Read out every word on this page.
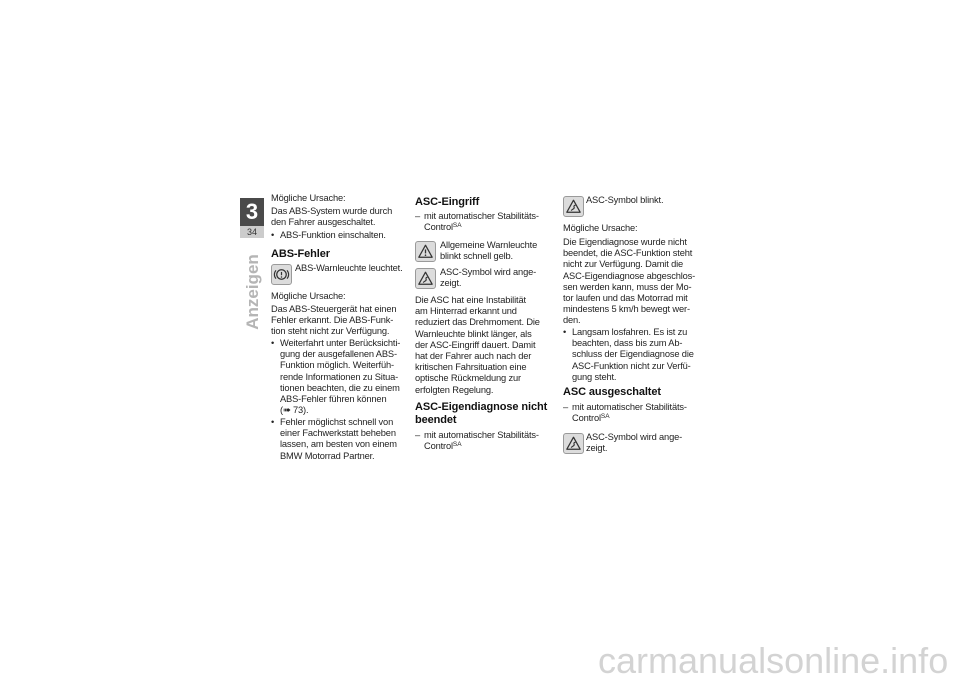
3
34
Anzeigen
Mögliche Ursache:
Das ABS-System wurde durch
den Fahrer ausgeschaltet.
• ABS-Funktion einschalten.
ABS-Fehler
ABS-Warnleuchte leuchtet.
Mögliche Ursache:
Das ABS-Steuergerät hat einen
Fehler erkannt. Die ABS-Funk-
tion steht nicht zur Verfügung.
• Weiterfahrt unter Berücksichti-
gung der ausgefallenen ABS-
Funktion möglich. Weiterfüh-
rende Informationen zu Situa-
tionen beachten, die zu einem
ABS-Fehler führen können
(➠ 73).
• Fehler möglichst schnell von
einer Fachwerkstatt beheben
lassen, am besten von einem
BMW Motorrad Partner.
ASC-Eingriff
– mit automatischer Stabilitäts-
Control$^{SA}$
Allgemeine Warnleuchte
blinkt schnell gelb.
ASC-Symbol wird ange-
zeigt.
Die ASC hat eine Instabilität
am Hinterrad erkannt und
reduziert das Drehmoment. Die
Warnleuchte blinkt länger, als
der ASC-Eingriff dauert. Damit
hat der Fahrer auch nach der
kritischen Fahrsituation eine
optische Rückmeldung zur
erfolgten Regelung.
ASC-Eigendiagnose nicht
beendet
– mit automatischer Stabilitäts-
Control$^{SA}$
ASC-Symbol blinkt.
Mögliche Ursache:
Die Eigendiagnose wurde nicht
beendet, die ASC-Funktion steht
nicht zur Verfügung. Damit die
ASC-Eigendiagnose abgeschlos-
sen werden kann, muss der Mo-
tor laufen und das Motorrad mit
mindestens 5 km/h bewegt wer-
den.
• Langsam losfahren. Es ist zu
beachten, dass bis zum Ab-
schluss der Eigendiagnose die
ASC-Funktion nicht zur Verfü-
gung steht.
ASC ausgeschaltet
– mit automatischer Stabilitäts-
Control$^{SA}$
ASC-Symbol wird ange-
zeigt.
carmanualsonline.info
